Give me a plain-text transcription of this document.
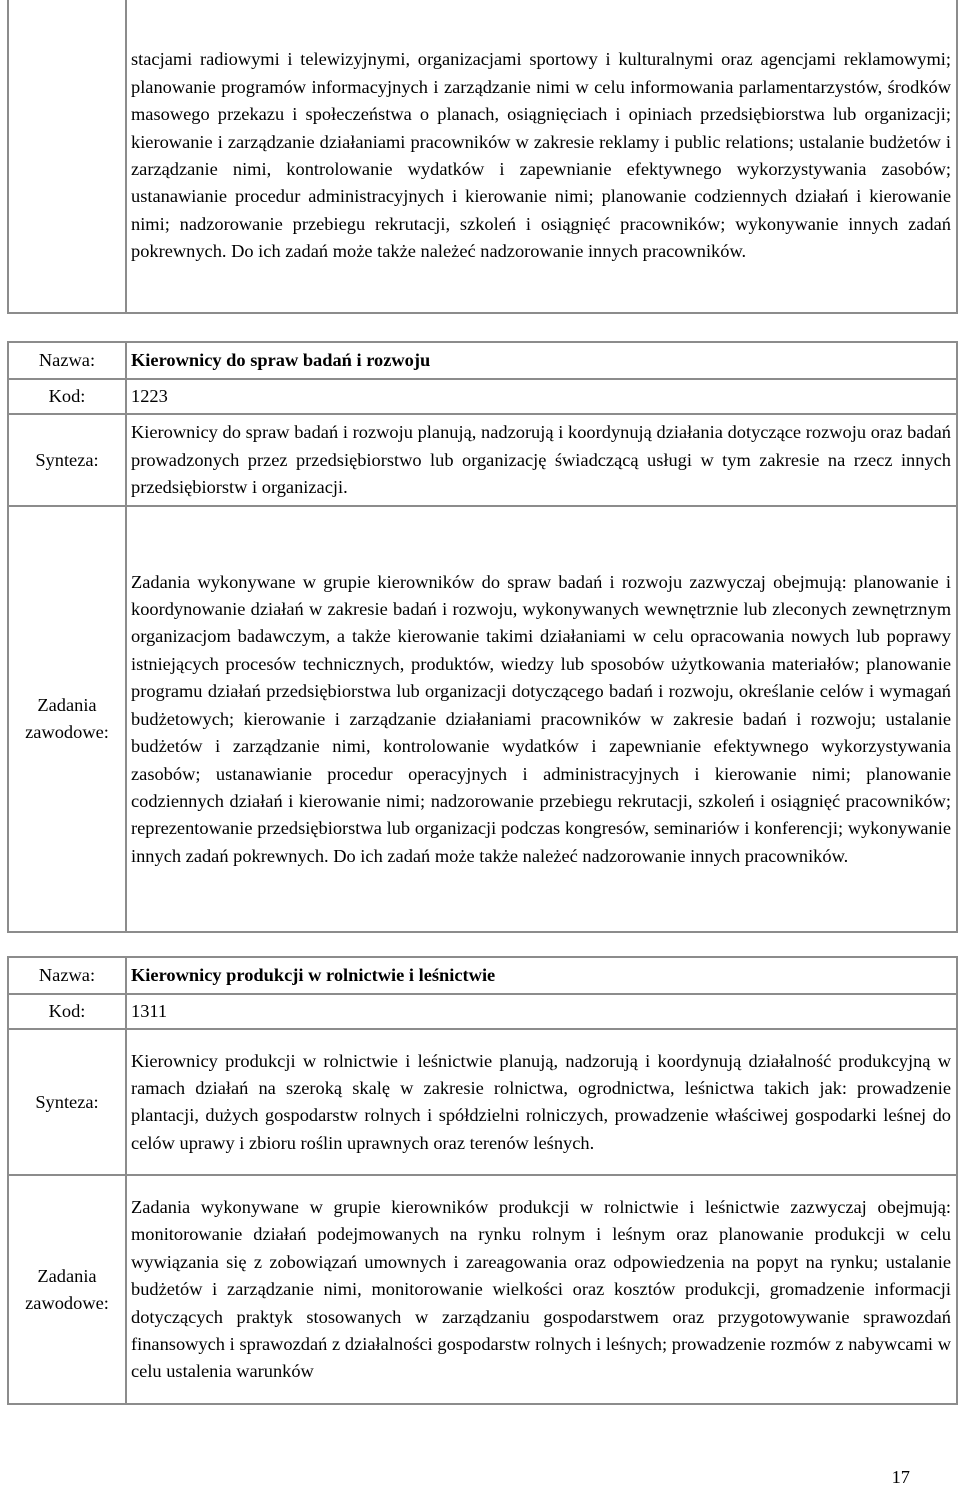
	stacjami radiowymi i telewizyjnymi, organizacjami sportowy i kulturalnymi oraz agencjami reklamowymi; planowanie programów informacyjnych i zarządzanie nimi w celu informowania parlamentarzystów, środków masowego przekazu i społeczeństwa o planach, osiągnięciach i opiniach przedsiębiorstwa lub organizacji; kierowanie i zarządzanie działaniami pracowników w zakresie reklamy i public relations; ustalanie budżetów i zarządzanie nimi, kontrolowanie wydatków i zapewnianie efektywnego wykorzystywania zasobów; ustanawianie procedur administracyjnych i kierowanie nimi; planowanie codziennych działań i kierowanie nimi; nadzorowanie przebiegu rekrutacji, szkoleń i osiągnięć pracowników; wykonywanie innych zadań pokrewnych. Do ich zadań może także należeć nadzorowanie innych pracowników.
Nazwa:	Kierownicy do spraw badań i rozwoju
Kod:	1223
Synteza:	Kierownicy do spraw badań i rozwoju planują, nadzorują i koordynują działania dotyczące rozwoju oraz badań prowadzonych przez przedsiębiorstwo lub organizację świadczącą usługi w tym zakresie na rzecz innych przedsiębiorstw i organizacji.
Zadania
zawodowe:	Zadania wykonywane w grupie kierowników do spraw badań i rozwoju zazwyczaj obejmują: planowanie i koordynowanie działań w zakresie badań i rozwoju, wykonywanych wewnętrznie lub zleconych zewnętrznym organizacjom badawczym, a także kierowanie takimi działaniami w celu opracowania nowych lub poprawy istniejących procesów technicznych, produktów, wiedzy lub sposobów użytkowania materiałów; planowanie programu działań przedsiębiorstwa lub organizacji dotyczącego badań i rozwoju, określanie celów i wymagań budżetowych; kierowanie i zarządzanie działaniami pracowników w zakresie badań i rozwoju; ustalanie budżetów i zarządzanie nimi, kontrolowanie wydatków i zapewnianie efektywnego wykorzystywania zasobów; ustanawianie procedur operacyjnych i administracyjnych i kierowanie nimi; planowanie codziennych działań i kierowanie nimi; nadzorowanie przebiegu rekrutacji, szkoleń i osiągnięć pracowników; reprezentowanie przedsiębiorstwa lub organizacji podczas kongresów, seminariów i konferencji; wykonywanie innych zadań pokrewnych. Do ich zadań może także należeć nadzorowanie innych pracowników.
Nazwa:	Kierownicy produkcji w rolnictwie i leśnictwie
Kod:	1311
Synteza:	Kierownicy produkcji w rolnictwie i leśnictwie planują, nadzorują i koordynują działalność produkcyjną w ramach działań na szeroką skalę w zakresie rolnictwa, ogrodnictwa, leśnictwa takich jak: prowadzenie plantacji, dużych gospodarstw rolnych i spółdzielni rolniczych, prowadzenie właściwej gospodarki leśnej do celów uprawy i zbioru roślin uprawnych oraz terenów leśnych.
Zadania
zawodowe:	Zadania wykonywane w grupie kierowników produkcji w rolnictwie i leśnictwie zazwyczaj obejmują: monitorowanie działań podejmowanych na rynku rolnym i leśnym oraz planowanie produkcji w celu wywiązania się z zobowiązań umownych i zareagowania oraz odpowiedzenia na popyt na rynku; ustalanie budżetów i zarządzanie nimi, monitorowanie wielkości oraz kosztów produkcji, gromadzenie informacji dotyczących praktyk stosowanych w zarządzaniu gospodarstwem oraz przygotowywanie sprawozdań finansowych i sprawozdań z działalności gospodarstw rolnych i leśnych; prowadzenie rozmów z nabywcami w celu ustalenia warunków
17
